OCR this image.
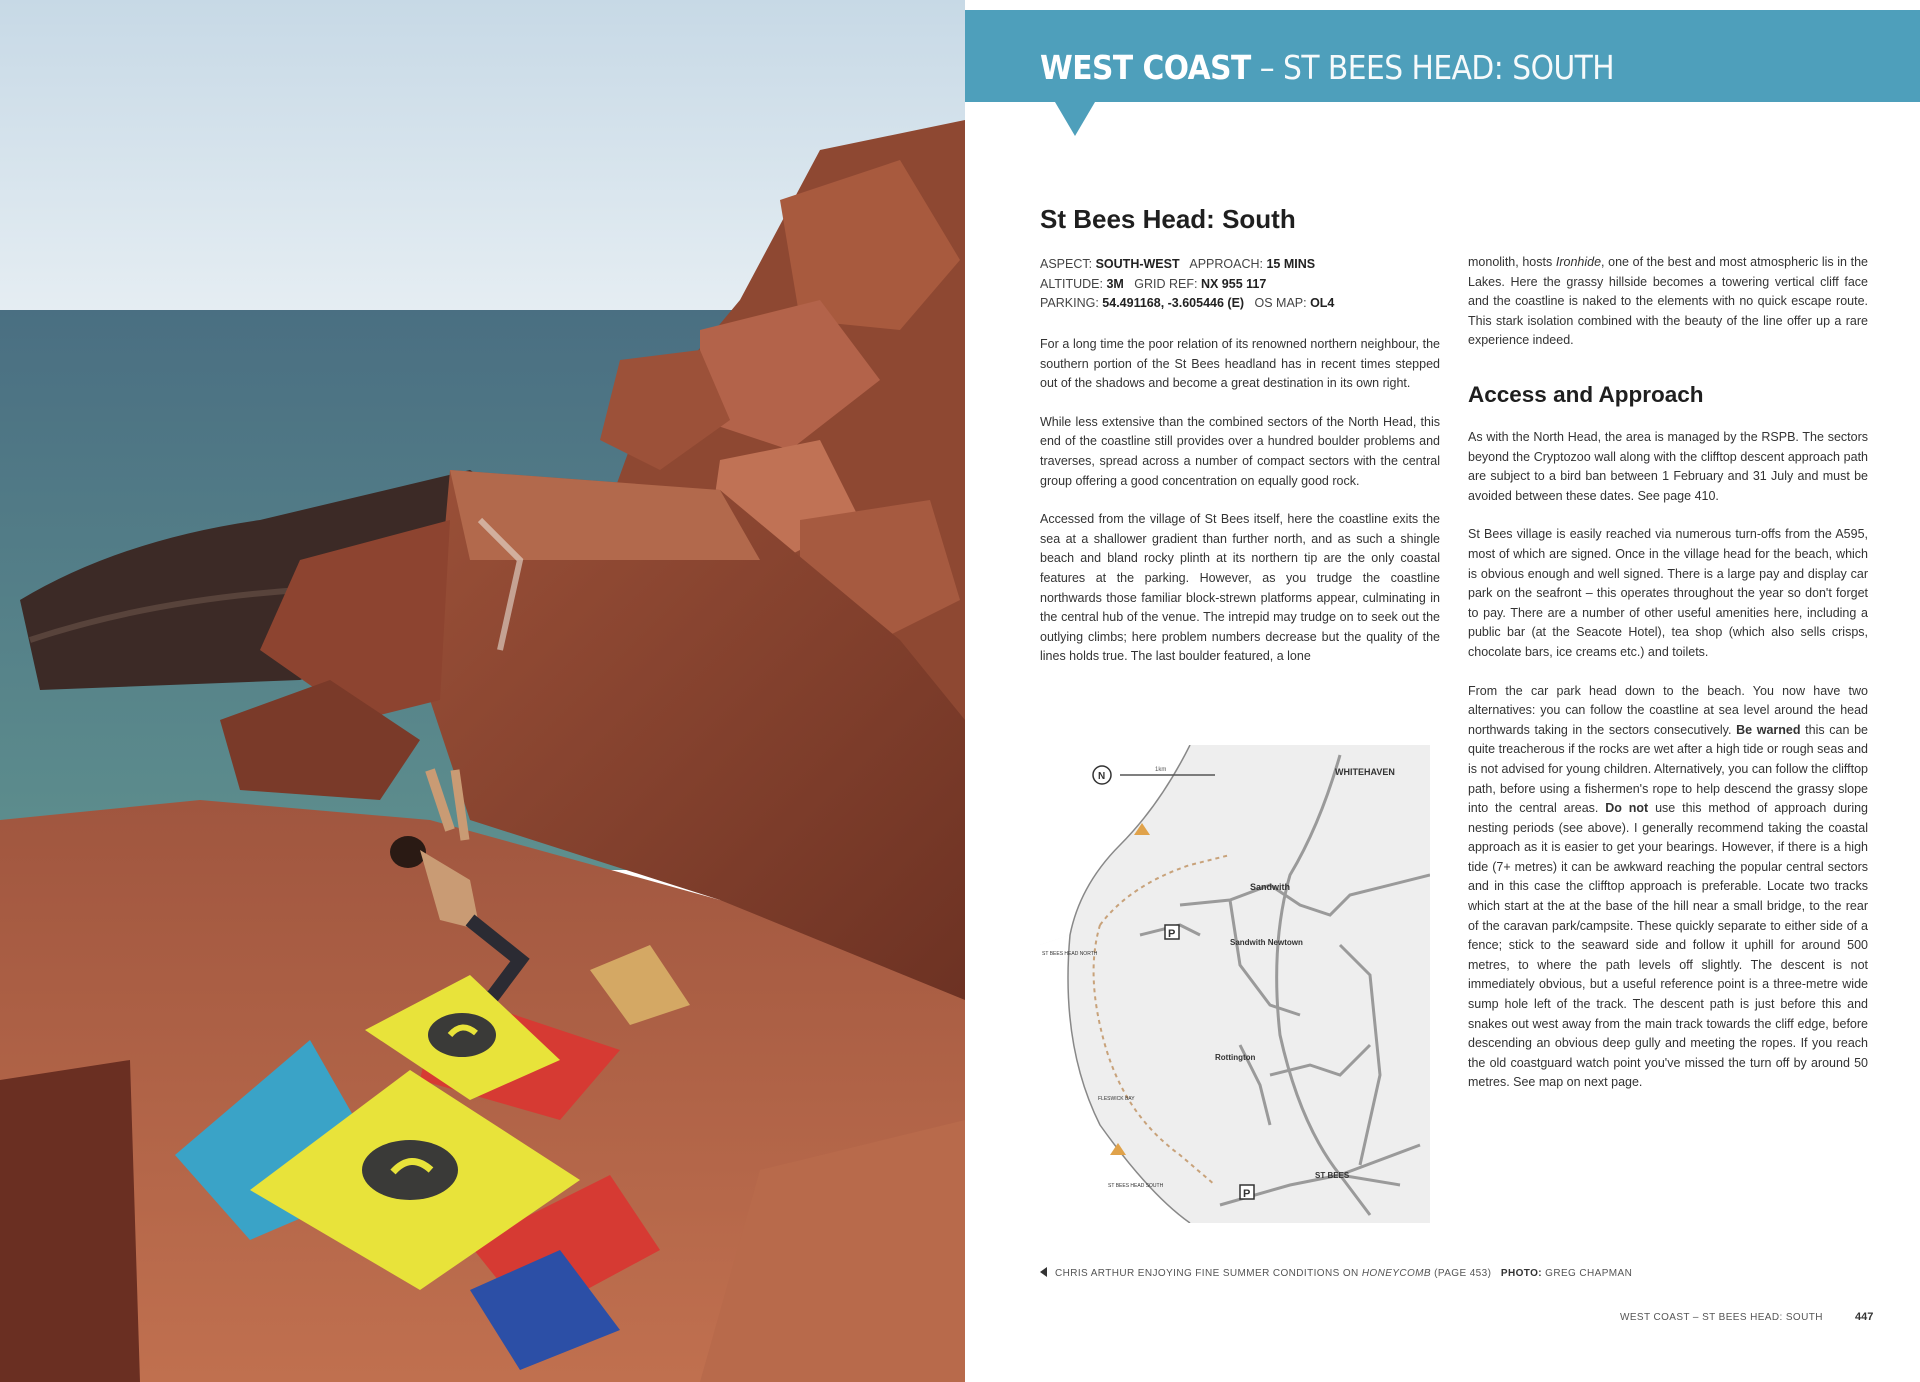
WEST COAST – ST BEES HEAD: SOUTH
St Bees Head: South
ASPECT: SOUTH-WEST APPROACH: 15 MINS
ALTITUDE: 3M GRID REF: NX 955 117
PARKING: 54.491168, -3.605446 (E) OS MAP: OL4

For a long time the poor relation of its renowned northern neighbour, the southern portion of the St Bees headland has in recent times stepped out of the shadows and become a great destination in its own right.

While less extensive than the combined sectors of the North Head, this end of the coastline still provides over a hundred boulder problems and traverses, spread across a number of compact sectors with the central group offering a good concentration on equally good rock.

Accessed from the village of St Bees itself, here the coastline exits the sea at a shallower gradient than further north, and as such a shingle beach and bland rocky plinth at its northern tip are the only coastal features at the parking. However, as you trudge the coastline northwards those familiar block-strewn platforms appear, culminating in the central hub of the venue. The intrepid may trudge on to seek out the outlying climbs; here problem numbers decrease but the quality of the lines holds true. The last boulder featured, a lone

P
P
N
1km	WHITEHAVEN
Sandwith
Sandwith Newtown
Rottington
ST BEES
ST BEES HEAD NORTH
FLESWICK BAY
ST BEES HEAD SOUTH

monolith, hosts Ironhide, one of the best and most atmospheric lis in the Lakes. Here the grassy hillside becomes a towering vertical cliff face and the coastline is naked to the elements with no quick escape route. This stark isolation combined with the beauty of the line offer up a rare experience indeed.

Access and Approach

As with the North Head, the area is managed by the RSPB. The sectors beyond the Cryptozoo wall along with the clifftop descent approach path are subject to a bird ban between 1 February and 31 July and must be avoided between these dates. See page 410.

St Bees village is easily reached via numerous turn-offs from the A595, most of which are signed. Once in the village head for the beach, which is obvious enough and well signed. There is a large pay and display car park on the seafront – this operates throughout the year so don't forget to pay. There are a number of other useful amenities here, including a public bar (at the Seacote Hotel), tea shop (which also sells crisps, chocolate bars, ice creams etc.) and toilets.

From the car park head down to the beach. You now have two alternatives: you can follow the coastline at sea level around the head northwards taking in the sectors consecutively. Be warned this can be quite treacherous if the rocks are wet after a high tide or rough seas and is not advised for young children. Alternatively, you can follow the clifftop path, before using a fishermen's rope to help descend the grassy slope into the central areas. Do not use this method of approach during nesting periods (see above). I generally recommend taking the coastal approach as it is easier to get your bearings. However, if there is a high tide (7+ metres) it can be awkward reaching the popular central sectors and in this case the clifftop approach is preferable. Locate two tracks which start at the at the base of the hill near a small bridge, to the rear of the caravan park/campsite. These quickly separate to either side of a fence; stick to the seaward side and follow it uphill for around 500 metres, to where the path levels off slightly. The descent is not immediately obvious, but a useful reference point is a three-metre wide sump hole left of the track. The descent path is just before this and snakes out west away from the main track towards the cliff edge, before descending an obvious deep gully and meeting the ropes. If you reach the old coastguard watch point you've missed the turn off by around 50 metres. See map on next page.

CHRIS ARTHUR ENJOYING FINE SUMMER CONDITIONS ON HONEYCOMB (PAGE 453) PHOTO: GREG CHAPMAN
WEST COAST – ST BEES HEAD: SOUTH	447
